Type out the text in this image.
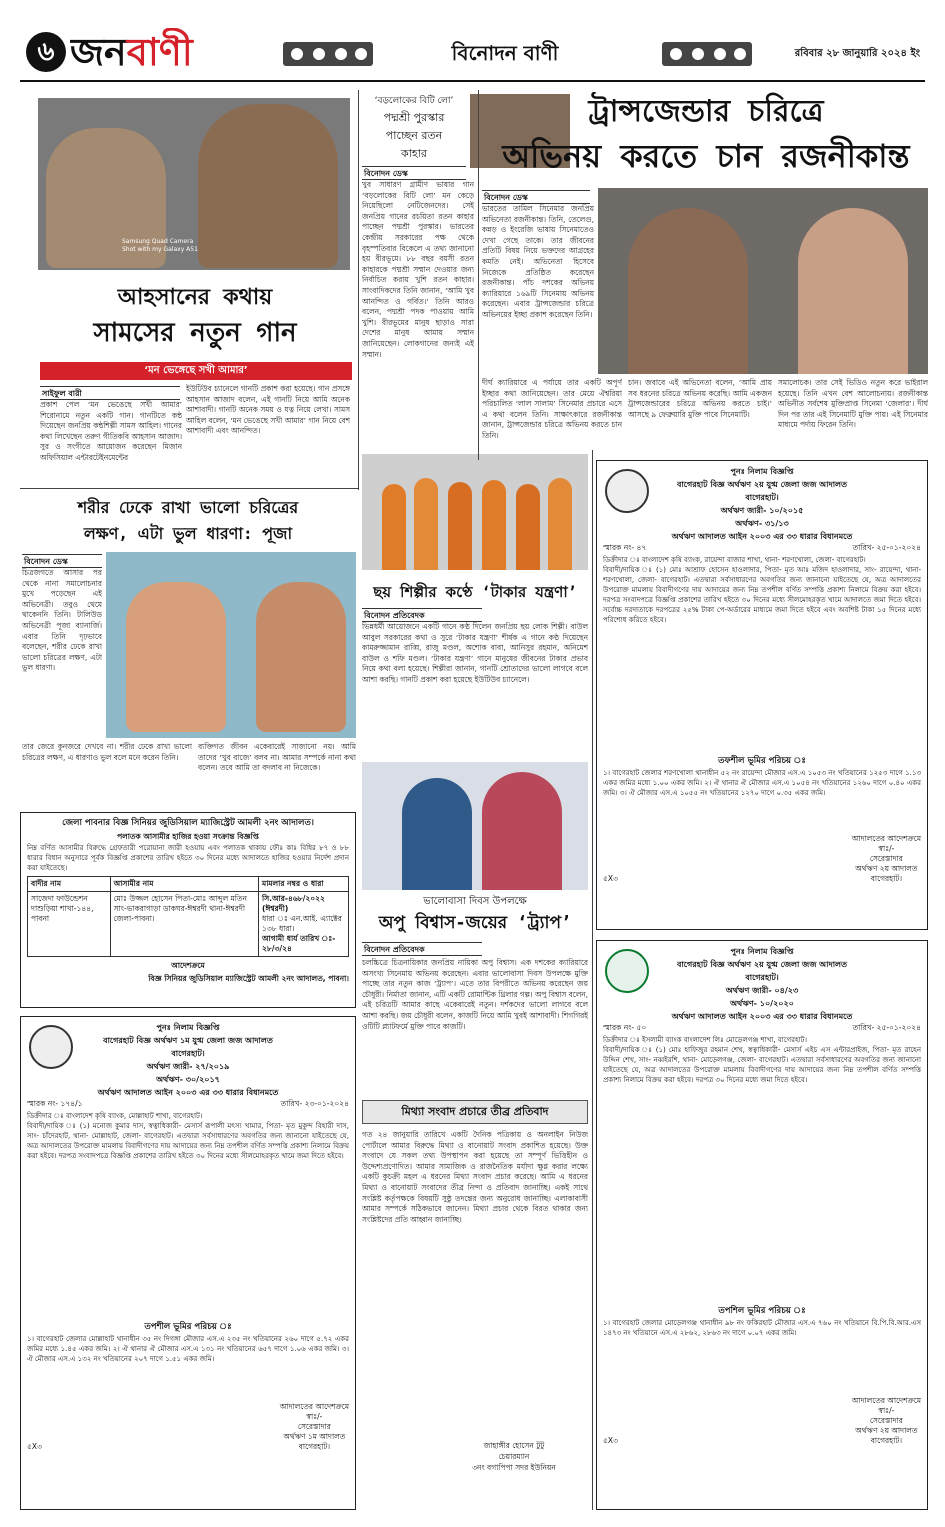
৬ জনবাণী	বিনোদন বাণী	রবিবার ২৮ জানুয়ারি ২০২৪ ইং
Samsung Quad Camera Shot with my Galaxy A51
আহসানের কথায়
সামসের নতুন গান
‘মন ভেঙ্গেছে সখী আমার’
সাইফুল বারী
প্রকাশ পেল ‘মন ভেঙেছে সখী আমার’ শিরোনামে নতুন একটি গান। গানটিতে কন্ঠ দিয়েছেন জনপ্রিয় কন্ঠশিল্পী সামস আহিল। গানের কথা লিখেছেন তরুণ গীতিকবি আহসান আজাদ। সুর ও সংগীতে আয়োজন করেছেন মিজান অফিসিয়াল এন্টারটেইনমেন্টের
ইউটিউব চ্যানেলে গানটি প্রকাশ করা হয়েছে। গান প্রসঙ্গে আহসান আজাদ বলেন, এই গানটি নিয়ে আমি অনেক আশাবাদী। গানটি অনেক সময় ও যত্ন নিয়ে লেখা। সামস আহিল বলেন, ‘মন ভেঙেছে সখী আমার’ গান নিয়ে বেশ আশাবাদী এবং আনন্দিত।
‘বড়লোকের বিটি লো’
পদ্মশ্রী পুরস্কার
পাচ্ছেন রতন
কাহার
বিনোদন ডেস্ক
খুব সাধারণ গ্রামীণ ভাষার গান ‘বড়লোকের বিটি লো’ মন কেড়ে নিয়েছিলো নেটিজেনদের। সেই জনপ্রিয় গানের রচয়িতা রতন কাহার পাচ্ছেন পদ্মশ্রী পুরস্কার। ভারতের কেন্দ্রীয় সরকারের পক্ষ থেকে বৃহস্পতিবার বিকেলে এ তথ্য জানানো হয় বীরভূমে। ৮৮ বছর বয়সী রতন কাহারকে পদ্মশ্রী সম্মান দেওয়ার জন্য নির্বাচিত করায় খুশি রতন কাহার। সাংবাদিকদের তিনি জানান, ‘আমি খুব আনন্দিত ও গর্বিত।’ তিনি আরও বলেন, পদ্মশ্রী পদক পাওয়ায় আমি খুশি। বীরভূমের মানুষ ছাড়াও সারা দেশের মানুষ আমায় সম্মান জানিয়েছেন। লোকগানের জন্যই এই সম্মান।
ট্রান্সজেন্ডার চরিত্রে
অভিনয় করতে চান রজনীকান্ত
বিনোদন ডেস্ক
ভারতের তামিল সিনেমার জনপ্রিয় অভিনেতা রজনীকান্ত। তিনি, তেলেগু, কন্নড় ও ইংরেজি ভাষায় সিনেমাতেও দেখা গেছে তাকে। তার জীবনের প্রতিটি বিষয় নিয়ে ভক্তদের আগ্রহের কমতি নেই। অভিনেতা হিসেবে নিজেকে প্রতিষ্ঠিত করেছেন রজনীকান্ত। পাঁচ দশকের অভিনয় ক্যারিয়ারে ১৬৯টি সিনেমায় অভিনয় করেছেন। এবার ট্রান্সজেন্ডার চরিত্রে অভিনয়ের ইচ্ছা প্রকাশ করেছেন তিনি।
দীর্ঘ ক্যারিয়ারে এ পর্যায়ে তার একটি অপূর্ণ ইচ্ছার কথা জানিয়েছেন। তার মেয়ে ঐশ্বরিয়া পরিচালিত ‘লাল সালাম’ সিনেমার প্রচারে এসে এ কথা বলেন তিনি। সাক্ষাৎকারে রজনীকান্ত জানান, ট্রান্সজেন্ডার চরিত্রে অভিনয় করতে চান তিনি।
চান। জবাবে এই অভিনেতা বলেন, ‘আমি প্রায় সব ধরনের চরিত্রে অভিনয় করেছি। আমি একজন ট্রান্সজেন্ডারের চরিত্রে অভিনয় করতে চাই।’ আসছে ৯ ফেব্রুয়ারি মুক্তি পাবে সিনেমাটি।
সমালোচক। তার সেই ভিডিও নতুন করে ভাইরাল হয়েছে। তিনি এখন বেশ আলোচনায়। রজনীকান্ত অভিনীত সর্বশেষ মুক্তিপ্রাপ্ত সিনেমা ‘জেলার’। দীর্ঘ দিন পর তার এই সিনেমাটি মুক্তি পায়। এই সিনেমার মাধ্যমে পর্দায় ফিরেন তিনি।
ছয় শিল্পীর কণ্ঠে ‘টাকার যন্ত্রণা’
বিনোদন প্রতিবেদক
ভিন্নধর্মী আয়োজনে একটি গানে কণ্ঠ দিলেন জনপ্রিয় ছয় লোক শিল্পী। বাউল আবুল সরকারের কথা ও সুরে ‘টাকার যন্ত্রণা’ শীর্ষক এ গানে কণ্ঠ দিয়েছেন কামরুজ্জামান রাব্বি, রাজু মণ্ডল, অশোক বাবা, আনিসুর রহমান, অনিমেশ বাউল ও শফি মণ্ডল। ‘টাকার যন্ত্রণা’ গানে মানুষের জীবনের টাকার প্রভাব নিয়ে কথা বলা হয়েছে। শিল্পীরা জানান, গানটি শ্রোতাদের ভালো লাগবে বলে আশা করছি। গানটি প্রকাশ করা হয়েছে ইউটিউব চ্যানেলে।
শরীর ঢেকে রাখা ভালো চরিত্রের
লক্ষণ, এটা ভুল ধারণা: পূজা
বিনোদন ডেস্ক
চিত্রজগতে আসার পর থেকে নানা সমালোচনার মুখে পড়েছেন এই অভিনেত্রী। তবুও থেমে থাকেননি তিনি। টালিউড অভিনেত্রী পূজা ব্যানার্জি। এবার তিনি দৃঢ়ভাবে বলেছেন, শরীর ঢেকে রাখা ভালো চরিত্রের লক্ষণ, এটা ভুল ধারণা।
তার জেরে কুনজরে দেখবে না। শরীর ঢেকে রাখা ভালো চরিত্রের লক্ষণ, এ ধারণাও ভুল বলে মনে করেন তিনি।
ব্যক্তিগত জীবন একেবারেই সাজানো নয়। আমি তাদের ‘খুব বাজে’ বলব না। আমার সম্পর্কে নানা কথা বলেন। তবে আমি তা বদলাব না নিজেকে।
জেলা পাবনার বিজ্ঞ সিনিয়র জুডিসিয়াল ম্যাজিস্ট্রেট আমলী ২নং আদালত।
পলাতক আসামীর হাজির হওয়া সংক্রান্ত বিজ্ঞপ্তি
নিম্ন বর্ণিত আসামীর বিরুদ্ধে গ্রেফতারী পরোয়ানা জারী হওয়ায় এবং পলাতক থাকায় ফৌঃ কাঃ বিধির ৮৭ ও ৮৮ ধারার বিধান অনুসারে পূর্বক বিজ্ঞপ্তি প্রকাশের তারিখ হইতে ৩০ দিনের মধ্যে আদালতে হাজির হওয়ার নির্দেশ প্রদান করা যাইতেছে।
বাদীর নাম	আসামীর নাম	মামলার নম্বর ও ধারা
সাজেদা ফাউন্ডেশন দাশুড়িয়া শাখা-১৪৪, পাবনা	মোঃ উজ্জল হোসেন পিতা-মোঃ আব্দুল মতিন সাং-ভাকরাগাড়া ডাকঘর-ঈশ্বরদী থানা-ঈশ্বরদী জেলা-পাবনা।	সি.আর-৪৬৮/২০২২ (ঈশ্বরদী)
ধারা ঃ এন.আই. এ্যাক্টের ১৩৮ ধারা।
আগামী ধার্য তারিখ ঃ- ২৮/৩/২৪
আদেশক্রমে
বিজ্ঞ সিনিয়র জুডিসিয়াল ম্যাজিস্ট্রেট আমলী ২নং আদালত, পাবনা।
ভালোবাসা দিবস উপলক্ষে
অপু বিশ্বাস-জয়ের ‘ট্র্যাপ’
বিনোদন প্রতিবেদক
চলচ্চিত্রে চিত্রনায়িকার জনপ্রিয় নায়িকা অপু বিশ্বাস। এক দশকের ক্যারিয়ারে অসংখ্য সিনেমায় অভিনয় করেছেন। এবার ভালোবাসা দিবস উপলক্ষে মুক্তি পাচ্ছে তার নতুন কাজ ‘ট্র্যাপ’। এতে তার বিপরীতে অভিনয় করেছেন জয় চৌধুরী। নির্মাতা জানান, এটি একটি রোমান্টিক থ্রিলার গল্প। অপু বিশ্বাস বলেন, এই চরিত্রটি আমার কাছে একেবারেই নতুন। দর্শকদের ভালো লাগবে বলে আশা করছি। জয় চৌধুরী বলেন, কাজটি নিয়ে আমি খুবই আশাবাদী। শিগগিরই ওটিটি প্ল্যাটফর্মে মুক্তি পাবে কাজটি।
মিথ্যা সংবাদ প্রচারে তীব্র প্রতিবাদ
গত ২৪ জানুয়ারি তারিখে একটি দৈনিক পত্রিকায় ও অনলাইন নিউজ পোর্টালে আমার বিরুদ্ধে মিথ্যা ও বানোয়াট সংবাদ প্রকাশিত হয়েছে। উক্ত সংবাদে যে সকল তথ্য উপস্থাপন করা হয়েছে তা সম্পূর্ণ ভিত্তিহীন ও উদ্দেশ্যপ্রণোদিত। আমার সামাজিক ও রাজনৈতিক মর্যাদা ক্ষুণ্ণ করার লক্ষ্যে একটি কুচক্রী মহল এ ধরনের মিথ্যা সংবাদ প্রচার করেছে। আমি এ ধরনের মিথ্যা ও বানোয়াট সংবাদের তীব্র নিন্দা ও প্রতিবাদ জানাচ্ছি। একই সাথে সংশ্লিষ্ট কর্তৃপক্ষকে বিষয়টি সুষ্ঠু তদন্তের জন্য অনুরোধ জানাচ্ছি। এলাকাবাসী আমার সম্পর্কে সঠিকভাবে জানেন। মিথ্যা প্রচার থেকে বিরত থাকার জন্য সংশ্লিষ্টদের প্রতি আহ্বান জানাচ্ছি।
জাহাঙ্গীর হোসেন টুটু
চেয়ারম্যান
৩নং বগাপিপা সদর ইউনিয়ন
পুনঃ নিলাম বিজ্ঞপ্তি
বাগেরহাট বিজ্ঞ অর্থঋণ ২য় যুগ্ম জেলা জজ আদালত
বাগেরহাট।
অর্থঋণ জারী- ১০/২০১৫
অর্থঋণ- ৩১/১৩
অর্থঋণ আদালত আইন ২০০৩ এর ৩৩ ধারার বিধানমতে
স্মারক নং- ৪৭	তারিখ- ২৫-০১-২০২৪
ডিক্রীদার ঃ বাংলাদেশ কৃষি ব্যাংক, রায়েন্দা বাজার শাখা, থানা- শরণখোলা, জেলা- বাগেরহাট।
বিবাদী/দায়িক ঃ (১) মোঃ আশ্রাফ হোসেন হাওলাদার, পিতা- মৃত আঃ মজিদ হাওলাদার, সাং- রায়েন্দা, থানা- শরণখোলা, জেলা- বাগেরহাট। এতদ্বারা সর্বসাধারণের অবগতির জন্য জানানো যাইতেছে যে, অত্র আদালতের উপরোক্ত মামলায় বিবাদীগণের দায় আদায়ের জন্য নিম্ন তপশীল বর্ণিত সম্পত্তি প্রকাশ্য নিলামে বিক্রয় করা হইবে। দরপত্র সংবাদপত্রে বিজ্ঞপ্তি প্রকাশের তারিখ হইতে ৩০ দিনের মধ্যে সীলমোহরকৃত খামে আদালতে জমা দিতে হইবে। সর্বোচ্চ দরদাতাকে দরপত্রের ২৫% টাকা পে-অর্ডারের মাধ্যমে জমা দিতে হইবে এবং অবশিষ্ট টাকা ১৫ দিনের মধ্যে পরিশোধ করিতে হইবে।
তফশীল ভূমির পরিচয় ঃ
১। বাগেরহাট জেলার শরণখোলা থানাধীন ৫২ নং রায়েন্দা মৌজার এস.এ ১০৫৩ নং খতিয়ানের ১২৫৩ দাগে ১.১৩ একর জমির মধ্যে ১.০০ একর জমি। ২। ঐ থানার ঐ মৌজার এস.এ ১০৫৪ নং খতিয়ানের ১২৬০ দাগে ০.৪০ একর জমি। ৩। ঐ মৌজার এস.এ ১০৫৫ নং খতিয়ানের ১২৭০ দাগে ০.৩৫ একর জমি।
৫X৩
আদালতের আদেশক্রমে
স্বাঃ/-
সেরেস্তাদার
অর্থঋণ ২য় আদালত
বাগেরহাট।
পুনঃ নিলাম বিজ্ঞপ্তি
বাগেরহাট বিজ্ঞ অর্থঋণ ১ম যুগ্ম জেলা জজ আদালত
বাগেরহাট।
অর্থঋণ জারী- ২৭/২০১৯
অর্থঋণ- ৩০/২০১৭
অর্থঋণ আদালত আইন ২০০৩ এর ৩৩ ধারার বিধানমতে
স্মারক নং- ১৭৪/১	তারিখ- ২৩-০১-২০২৪
ডিক্রীদার ঃ বাংলাদেশ কৃষি ব্যাংক, মোল্লাহাট শাখা, বাগেরহাট।
বিবাদী/দায়িক ঃ (১) মনোজ কুমার দাস, স্বত্বাধিকারী- মেসার্স রূপালী মৎস্য খামার, পিতা- মৃত মুকুন্দ বিহারী দাস, সাং- চাঁদেরহাট, থানা- মোল্লাহাট, জেলা- বাগেরহাট। এতদ্বারা সর্বসাধারণের অবগতির জন্য জানানো যাইতেছে যে, অত্র আদালতের উপরোক্ত মামলায় বিবাদীগণের দায় আদায়ের জন্য নিম্ন তপশীল বর্ণিত সম্পত্তি প্রকাশ্য নিলামে বিক্রয় করা হইবে। দরপত্র সংবাদপত্রে বিজ্ঞপ্তি প্রকাশের তারিখ হইতে ৩০ দিনের মধ্যে সীলমোহরকৃত খামে জমা দিতে হইবে।
তপশীল ভূমির পরিচয় ঃ
১। বাগেরহাট জেলার মোল্লাহাট থানাধীন ৩৫ নং দিগঙ্গা মৌজার এস.এ ২৩৫ নং খতিয়ানের ২৬০ দাগে ৫.৭২ একর জমির মধ্যে ১.৪৫ একর জমি। ২। ঐ থানার ঐ মৌজার এস.এ ১৩১ নং খতিয়ানের ৬৫৭ দাগে ১.০৬ একর জমি। ৩। ঐ মৌজার এস.এ ১৩২ নং খতিয়ানের ২০৭ দাগে ১.৫১ একর জমি।
৫X৩
আদালতের আদেশক্রমে
স্বাঃ/-
সেরেস্তাদার
অর্থঋণ ১ম আদালত
বাগেরহাট।
পুনঃ নিলাম বিজ্ঞপ্তি
বাগেরহাট বিজ্ঞ অর্থঋণ ২য় যুগ্ম জেলা জজ আদালত
বাগেরহাট।
অর্থঋণ জারী- ০৪/২৩
অর্থঋণ- ১০/২০২০
অর্থঋণ আদালত আইন ২০০৩ এর ৩৩ ধারার বিধানমতে
স্মারক নং- ৫০	তারিখ- ২৫-০১-২০২৪
ডিক্রীদার ঃ ইসলামী ব্যাংক বাংলাদেশ লিঃ মোড়েলগঞ্জ শাখা, বাগেরহাট।
বিবাদী/দায়িক ঃ (১) মোঃ হাফিজুর রহমান শেখ, স্বত্বাধিকারী- মেসার্স এইচ এস এন্টারপ্রাইজ, পিতা- মৃত রাহেন উদ্দিন শেখ, সাং- নব্বইরশি, থানা- মোড়েলগঞ্জ, জেলা- বাগেরহাট। এতদ্বারা সর্বসাধারণের অবগতির জন্য জানানো যাইতেছে যে, অত্র আদালতের উপরোক্ত মামলায় বিবাদীগণের দায় আদায়ের জন্য নিম্ন তপশীল বর্ণিত সম্পত্তি প্রকাশ্য নিলামে বিক্রয় করা হইবে। দরপত্র ৩০ দিনের মধ্যে জমা দিতে হইবে।
তপশিল ভূমির পরিচয় ঃ
১। বাগেরহাট জেলার মোড়েলগঞ্জ থানাধীন ৯৮ নং ফকিরহাট মৌজার এস.এ ৭৬০ নং খতিয়ানে বি.পি.বি.আর.এস ১৪৭৩ নং খতিয়ানে এস.এ ২৮৬২, ২৮৬৩ নং দাগে ০.০৭ একর জমি।
৫X৩
আদালতের আদেশক্রমে
স্বাঃ/-
সেরেস্তাদার
অর্থঋণ ২য় আদালত
বাগেরহাট।
